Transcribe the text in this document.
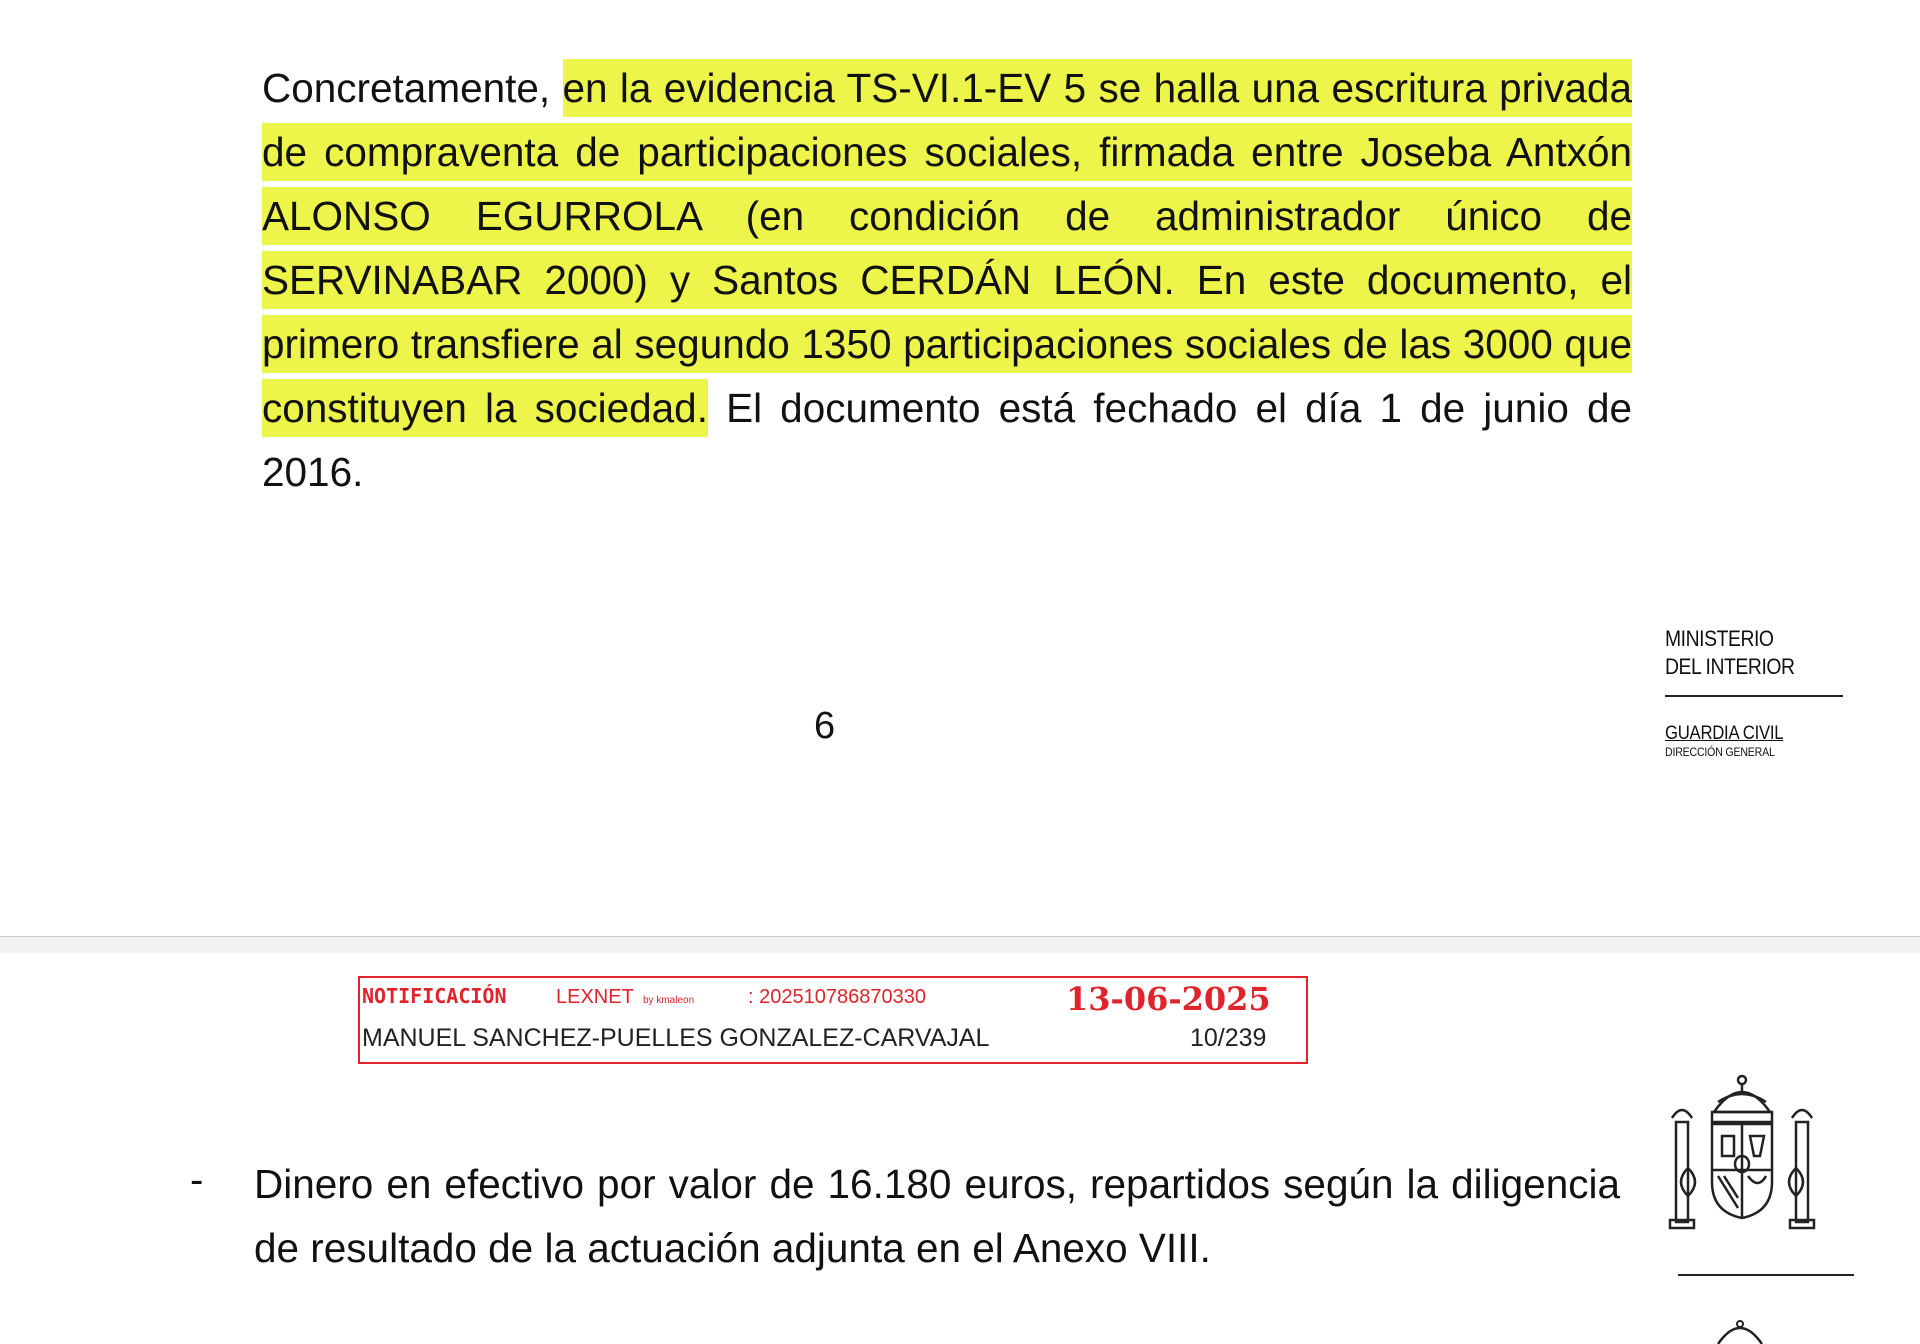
Concretamente, en la evidencia TS-VI.1-EV 5 se halla una escritura privada de compraventa de participaciones sociales, firmada entre Joseba Antxón ALONSO EGURROLA (en condición de administrador único de SERVINABAR 2000) y Santos CERDÁN LEÓN. En este documento, el primero transfiere al segundo 1350 participaciones sociales de las 3000 que constituyen la sociedad. El documento está fechado el día 1 de junio de 2016.

6
MINISTERIO
DEL INTERIOR
GUARDIA CIVIL
DIRECCIÓN GENERAL
NOTIFICACIÓN LEXNET by kmaleon	: 202510786870330	13-06-2025
MANUEL SANCHEZ-PUELLES GONZALEZ-CARVAJAL	10/239
- Dinero en efectivo por valor de 16.180 euros, repartidos según la diligencia de resultado de la actuación adjunta en el Anexo VIII.
